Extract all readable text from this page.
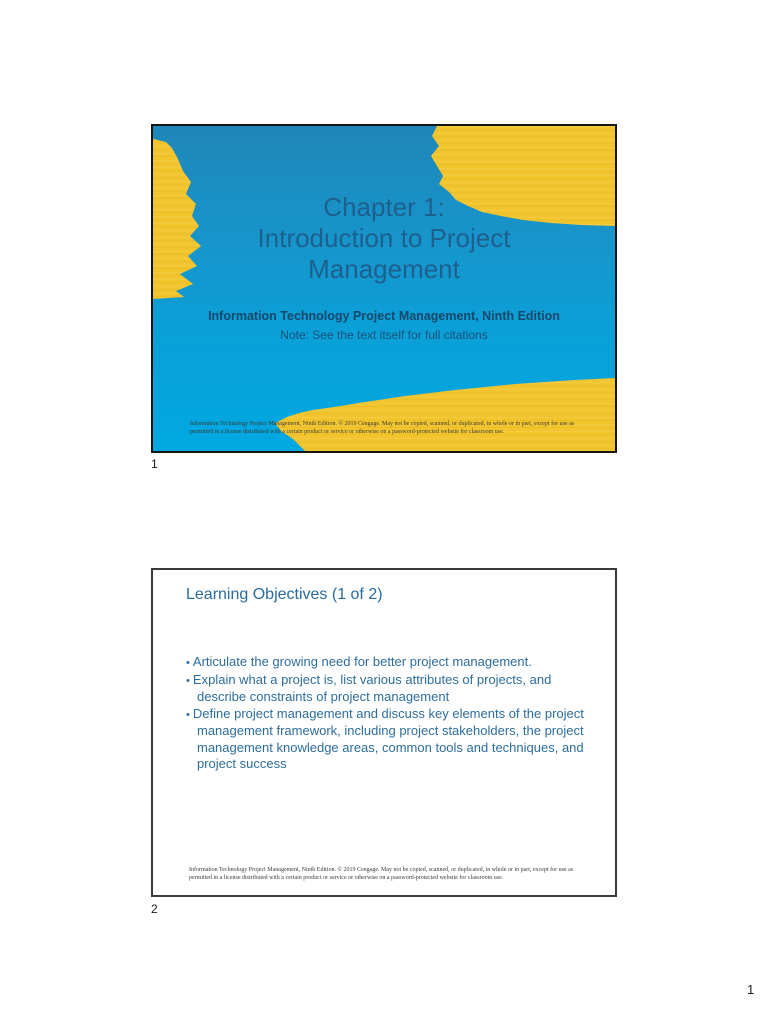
Chapter 1:
Introduction to Project Management
Information Technology Project Management, Ninth Edition
Note: See the text itself for full citations
Information Technology Project Management, Ninth Edition. © 2019 Cengage. May not be copied, scanned, or duplicated, in whole or in part, except for use as permitted in a license distributed with a certain product or service or otherwise on a password-protected website for classroom use.
1
Learning Objectives (1 of 2)
• Articulate the growing need for better project management.
• Explain what a project is, list various attributes of projects, and describe constraints of project management
• Define project management and discuss key elements of the project management framework, including project stakeholders, the project management knowledge areas, common tools and techniques, and project success
Information Technology Project Management, Ninth Edition. © 2019 Cengage. May not be copied, scanned, or duplicated, in whole or in part, except for use as permitted in a license distributed with a certain product or service or otherwise on a password-protected website for classroom use.
2
1
